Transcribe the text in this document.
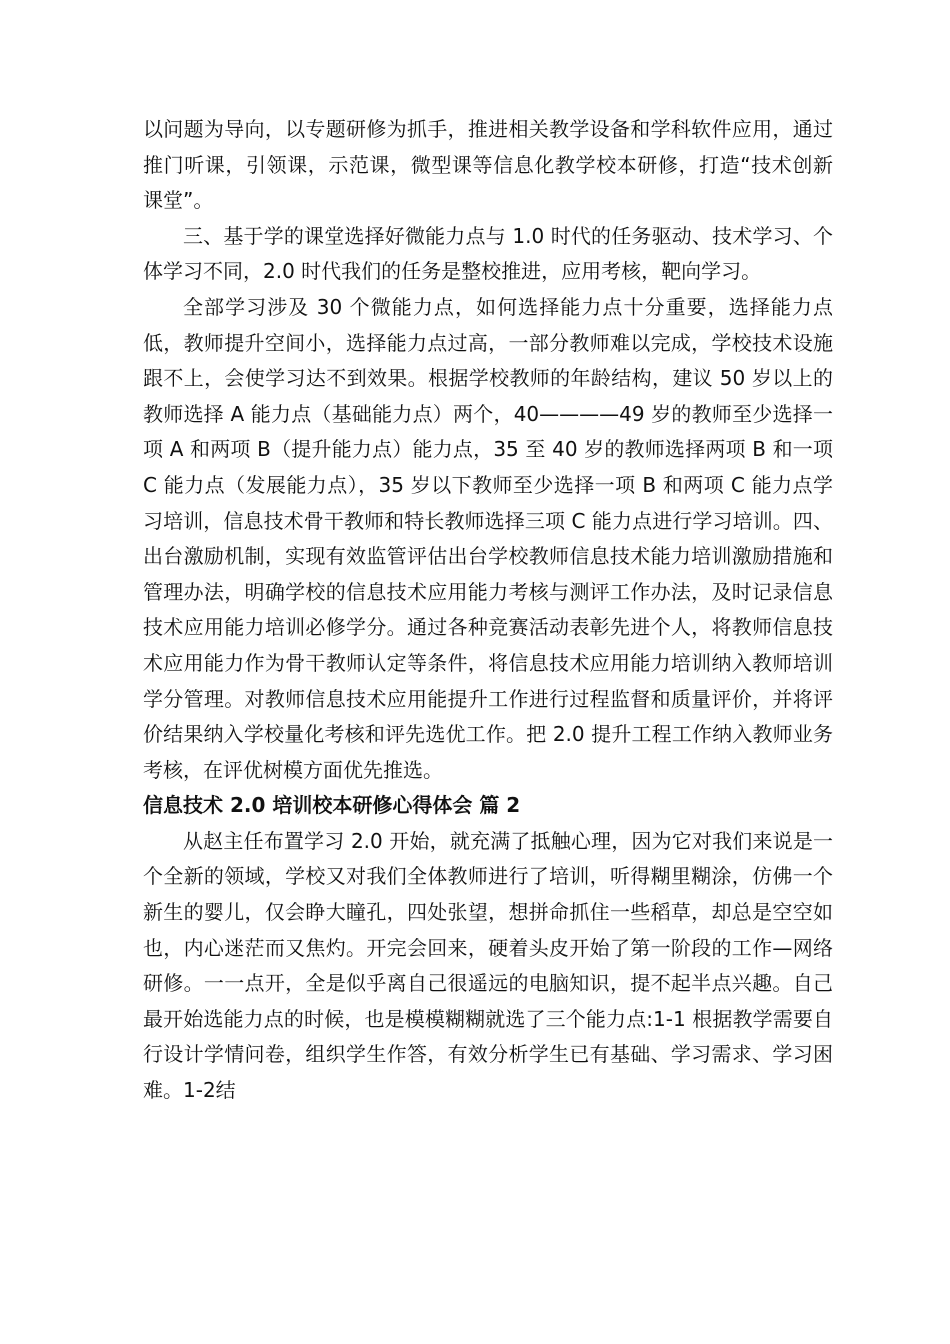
以问题为导向，以专题研修为抓手，推进相关教学设备和学科软件应用，通过推门听课，引领课，示范课，微型课等信息化教学校本研修，打造“技术创新课堂”。

三、基于学的课堂选择好微能力点与 1.0 时代的任务驱动、技术学习、个体学习不同，2.0 时代我们的任务是整校推进，应用考核，靶向学习。

全部学习涉及 30 个微能力点，如何选择能力点十分重要，选择能力点低，教师提升空间小，选择能力点过高，一部分教师难以完成，学校技术设施跟不上，会使学习达不到效果。根据学校教师的年龄结构，建议 50 岁以上的教师选择 A 能力点（基础能力点）两个，40————49 岁的教师至少选择一项 A 和两项 B（提升能力点）能力点，35 至 40 岁的教师选择两项 B 和一项 C 能力点（发展能力点），35 岁以下教师至少选择一项 B 和两项 C 能力点学习培训，信息技术骨干教师和特长教师选择三项 C 能力点进行学习培训。四、出台激励机制，实现有效监管评估出台学校教师信息技术能力培训激励措施和管理办法，明确学校的信息技术应用能力考核与测评工作办法，及时记录信息技术应用能力培训必修学分。通过各种竞赛活动表彰先进个人，将教师信息技术应用能力作为骨干教师认定等条件，将信息技术应用能力培训纳入教师培训学分管理。对教师信息技术应用能提升工作进行过程监督和质量评价，并将评价结果纳入学校量化考核和评先选优工作。把 2.0 提升工程工作纳入教师业务考核，在评优树模方面优先推选。

信息技术 2.0 培训校本研修心得体会 篇 2

从赵主任布置学习 2.0 开始，就充满了抵触心理，因为它对我们来说是一个全新的领域，学校又对我们全体教师进行了培训，听得糊里糊涂，仿佛一个新生的婴儿，仅会睁大瞳孔，四处张望，想拼命抓住一些稻草，却总是空空如也，内心迷茫而又焦灼。开完会回来，硬着头皮开始了第一阶段的工作—网络研修。一一点开，全是似乎离自己很遥远的电脑知识，提不起半点兴趣。自己最开始选能力点的时候，也是模模糊糊就选了三个能力点:1-1 根据教学需要自行设计学情问卷，组织学生作答，有效分析学生已有基础、学习需求、学习困难。1-2结
